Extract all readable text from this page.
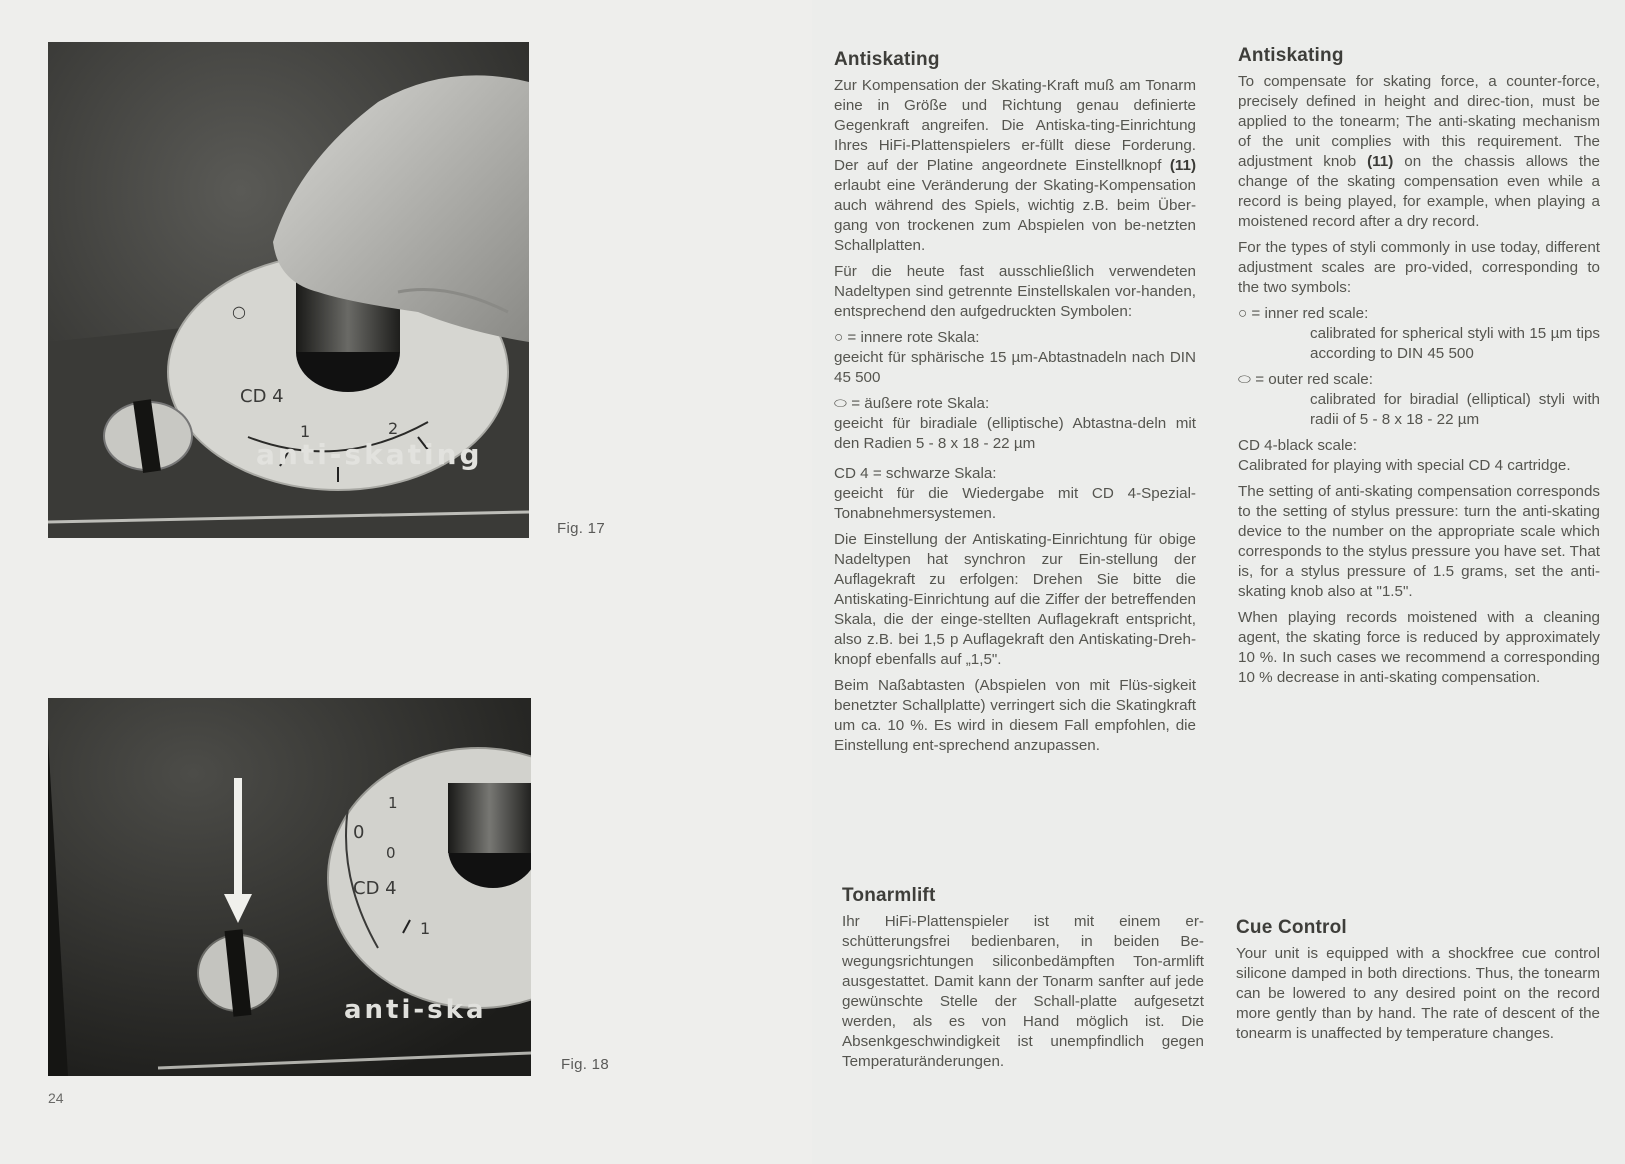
CD 4
1	2
○
anti-skating
Fig. 17
0
1
0
CD 4
1
anti-ska
Fig. 18
24
Antiskating

Zur Kompensation der Skating-Kraft muß am Tonarm eine in Größe und Richtung genau definierte Gegenkraft angreifen. Die Antiska-ting-Einrichtung Ihres HiFi-Plattenspielers er-füllt diese Forderung. Der auf der Platine angeordnete Einstellknopf (11) erlaubt eine Veränderung der Skating-Kompensation auch während des Spiels, wichtig z.B. beim Über-gang von trockenen zum Abspielen von be-netzten Schallplatten.

Für die heute fast ausschließlich verwendeten Nadeltypen sind getrennte Einstellskalen vor-handen, entsprechend den aufgedruckten Symbolen:

○ = innere rote Skala:

geeicht für sphärische 15 µm-Abtastnadeln nach DIN 45 500

⬭ = äußere rote Skala:

geeicht für biradiale (elliptische) Abtastna-deln mit den Radien 5 - 8 x 18 - 22 µm

CD 4 = schwarze Skala:

geeicht für die Wiedergabe mit CD 4-Spezial-Tonabnehmersystemen.

Die Einstellung der Antiskating-Einrichtung für obige Nadeltypen hat synchron zur Ein-stellung der Auflagekraft zu erfolgen: Drehen Sie bitte die Antiskating-Einrichtung auf die Ziffer der betreffenden Skala, die der einge-stellten Auflagekraft entspricht, also z.B. bei 1,5 p Auflagekraft den Antiskating-Dreh-knopf ebenfalls auf „1,5".

Beim Naßabtasten (Abspielen von mit Flüs-sigkeit benetzter Schallplatte) verringert sich die Skatingkraft um ca. 10 %. Es wird in diesem Fall empfohlen, die Einstellung ent-sprechend anzupassen.

Antiskating

To compensate for skating force, a counter-force, precisely defined in height and direc-tion, must be applied to the tonearm; The anti-skating mechanism of the unit complies with this requirement. The adjustment knob (11) on the chassis allows the change of the skating compensation even while a record is being played, for example, when playing a moistened record after a dry record.

For the types of styli commonly in use today, different adjustment scales are pro-vided, corresponding to the two symbols:

○ = inner red scale:

calibrated for spherical styli with 15 µm tips according to DIN 45 500

⬭ = outer red scale:

calibrated for biradial (elliptical) styli with radii of 5 - 8 x 18 - 22 µm

CD 4-black scale:

Calibrated for playing with special CD 4 cartridge.

The setting of anti-skating compensation corresponds to the setting of stylus pressure: turn the anti-skating device to the number on the appropriate scale which corresponds to the stylus pressure you have set. That is, for a stylus pressure of 1.5 grams, set the anti-skating knob also at "1.5".

When playing records moistened with a cleaning agent, the skating force is reduced by approximately 10 %. In such cases we recommend a corresponding 10 % decrease in anti-skating compensation.

Tonarmlift

Ihr HiFi-Plattenspieler ist mit einem er-schütterungsfrei bedienbaren, in beiden Be-wegungsrichtungen siliconbedämpften Ton-armlift ausgestattet. Damit kann der Tonarm sanfter auf jede gewünschte Stelle der Schall-platte aufgesetzt werden, als es von Hand möglich ist. Die Absenkgeschwindigkeit ist unempfindlich gegen Temperaturänderungen.

Cue Control

Your unit is equipped with a shockfree cue control silicone damped in both directions. Thus, the tonearm can be lowered to any desired point on the record more gently than by hand. The rate of descent of the tonearm is unaffected by temperature changes.
